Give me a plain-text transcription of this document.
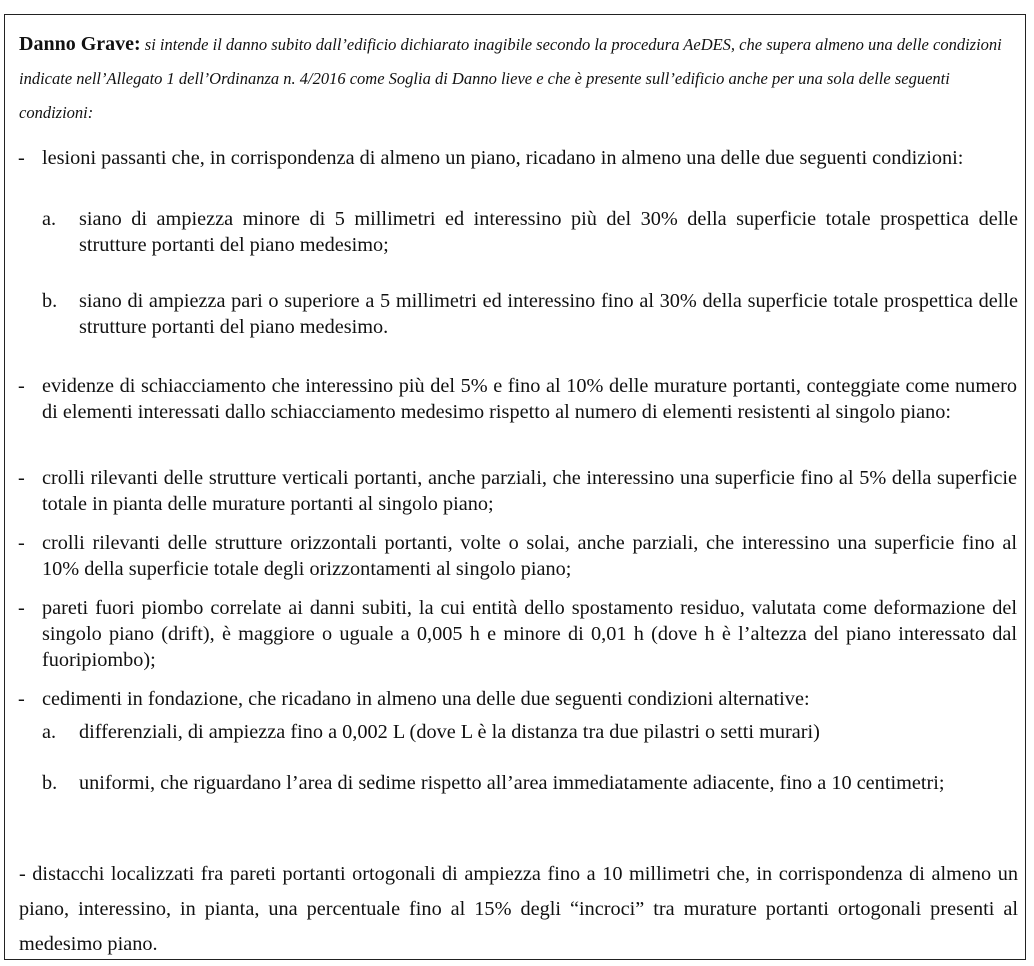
Danno Grave: si intende il danno subito dall’edificio dichiarato inagibile secondo la procedura AeDES, che supera almeno una delle condizioni indicate nell’Allegato 1 dell’Ordinanza n. 4/2016 come Soglia di Danno lieve e che è presente sull’edificio anche per una sola delle seguenti condizioni:
- lesioni passanti che, in corrispondenza di almeno un piano, ricadano in almeno una delle due seguenti condizioni:
a. siano di ampiezza minore di 5 millimetri ed interessino più del 30% della superficie totale prospettica delle strutture portanti del piano medesimo;
b. siano di ampiezza pari o superiore a 5 millimetri ed interessino fino al 30% della superficie totale prospettica delle strutture portanti del piano medesimo.
- evidenze di schiacciamento che interessino più del 5% e fino al 10% delle murature portanti, conteggiate come numero di elementi interessati dallo schiacciamento medesimo rispetto al numero di elementi resistenti al singolo piano:
- crolli rilevanti delle strutture verticali portanti, anche parziali, che interessino una superficie fino al 5% della superficie totale in pianta delle murature portanti al singolo piano;
- crolli rilevanti delle strutture orizzontali portanti, volte o solai, anche parziali, che interessino una superficie fino al 10% della superficie totale degli orizzontamenti al singolo piano;
- pareti fuori piombo correlate ai danni subiti, la cui entità dello spostamento residuo, valutata come deformazione del singolo piano (drift), è maggiore o uguale a 0,005 h e minore di 0,01 h (dove h è l’altezza del piano interessato dal fuoripiombo);
- cedimenti in fondazione, che ricadano in almeno una delle due seguenti condizioni alternative:
a. differenziali, di ampiezza fino a 0,002 L (dove L è la distanza tra due pilastri o setti murari)
b. uniformi, che riguardano l’area di sedime rispetto all’area immediatamente adiacente, fino a 10 centimetri;
- distacchi localizzati fra pareti portanti ortogonali di ampiezza fino a 10 millimetri che, in corrispondenza di almeno un piano, interessino, in pianta, una percentuale fino al 15% degli “incroci” tra murature portanti ortogonali presenti al medesimo piano.
